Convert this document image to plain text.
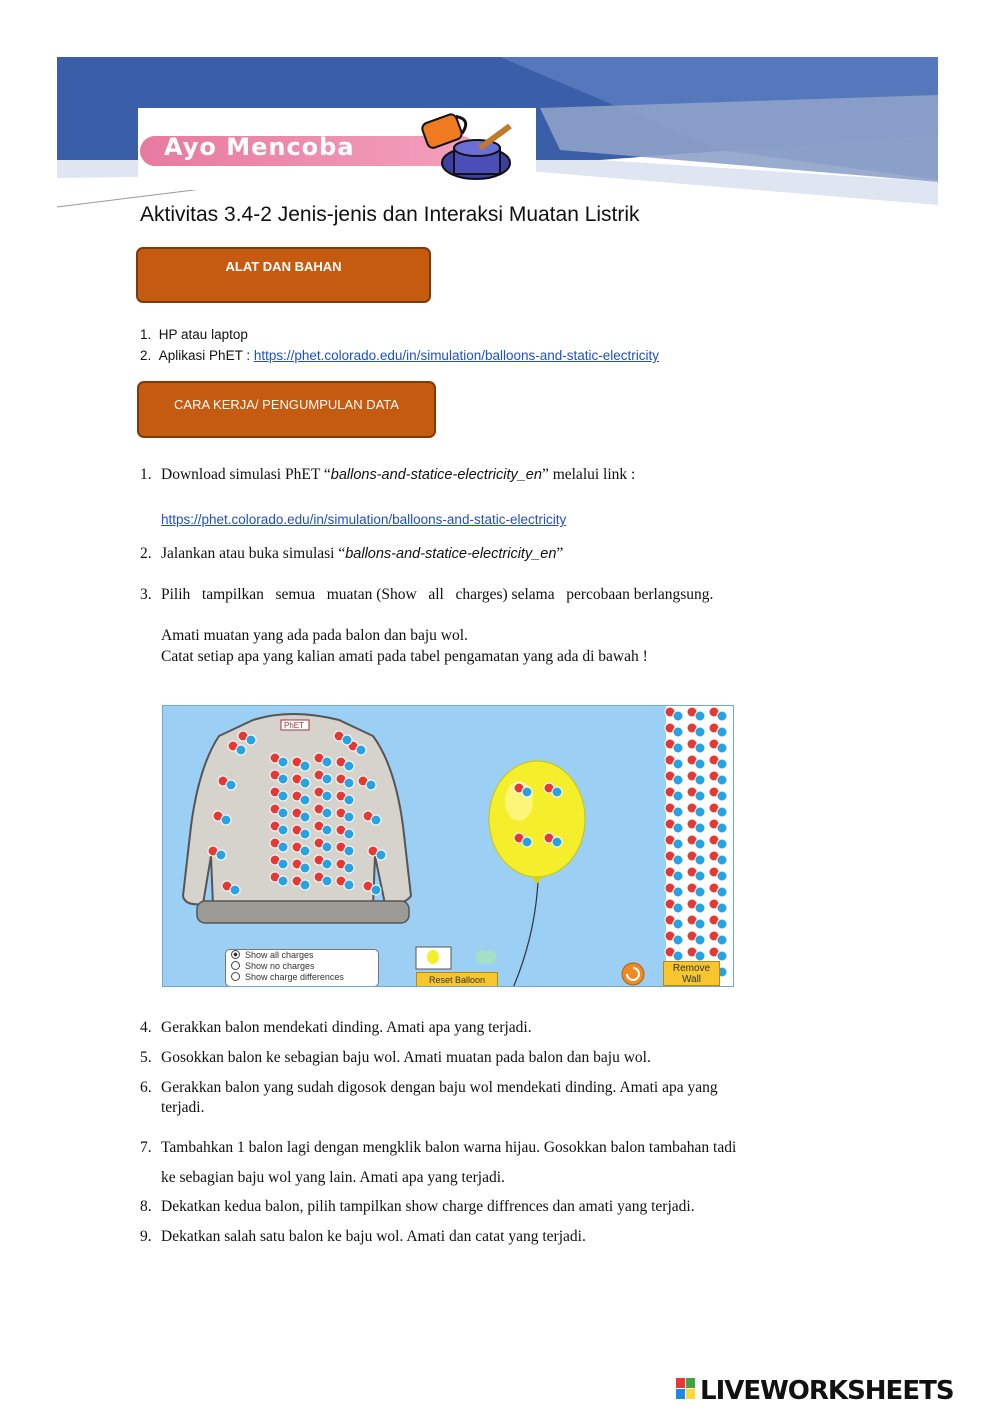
Ayo Mencoba
Aktivitas 3.4-2 Jenis-jenis dan Interaksi Muatan Listrik
ALAT DAN BAHAN
1. HP atau laptop
2. Aplikasi PhET : https://phet.colorado.edu/in/simulation/balloons-and-static-electricity
CARA KERJA/ PENGUMPULAN DATA
1. Download simulasi PhET “ballons-and-statice-electricity_en” melalui link :
https://phet.colorado.edu/in/simulation/balloons-and-static-electricity
2. Jalankan atau buka simulasi “ballons-and-statice-electricity_en”
3. Pilih   tampilkan   semua   muatan (Show   all   charges) selama   percobaan berlangsung.
Amati muatan yang ada pada balon dan baju wol.
Catat setiap apa yang kalian amati pada tabel pengamatan yang ada di bawah !
PhET
Show all charges
Show no charges
Show charge differences	Reset Balloon
Remove
Wall
4. Gerakkan balon mendekati dinding. Amati apa yang terjadi.
5. Gosokkan balon ke sebagian baju wol. Amati muatan pada balon dan baju wol.
6. Gerakkan balon yang sudah digosok dengan baju wol mendekati dinding. Amati apa yang
terjadi.
7. Tambahkan 1 balon lagi dengan mengklik balon warna hijau. Gosokkan balon tambahan tadi
ke sebagian baju wol yang lain. Amati apa yang terjadi.
8. Dekatkan kedua balon, pilih tampilkan show charge diffrences dan amati yang terjadi.
9. Dekatkan salah satu balon ke baju wol. Amati dan catat yang terjadi.
LIVEWORKSHEETS
